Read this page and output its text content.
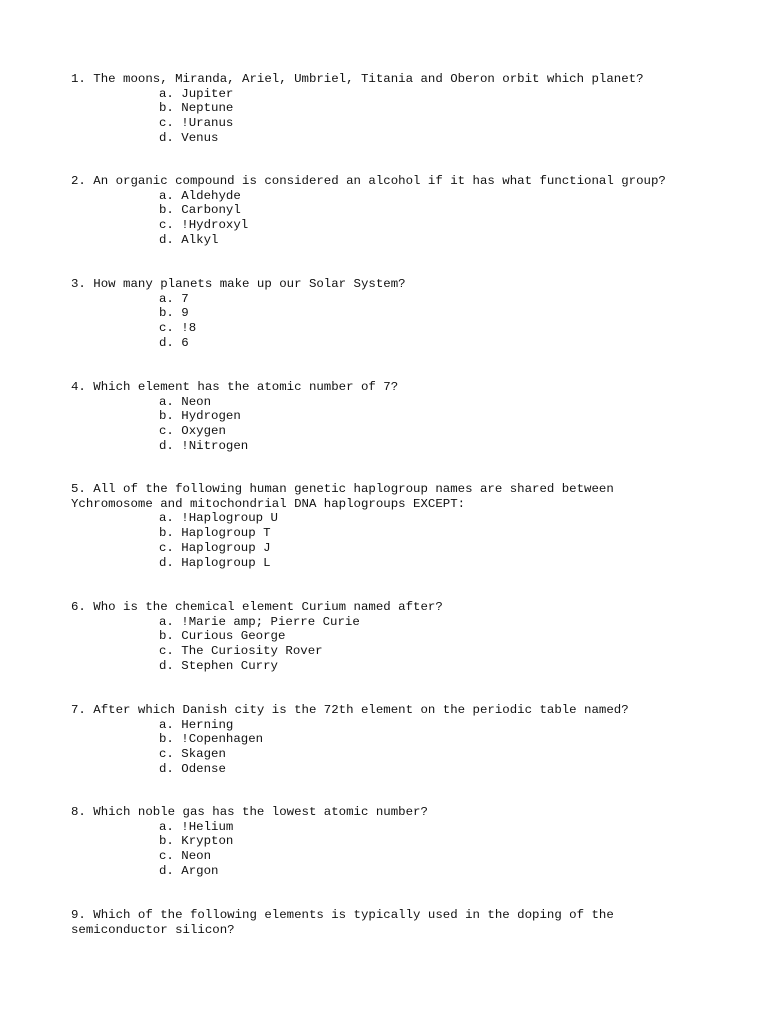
1. The moons, Miranda, Ariel, Umbriel, Titania and Oberon orbit which planet?

a. Jupiter
b. Neptune
c. !Uranus
d. Venus

2. An organic compound is considered an alcohol if it has what functional group?

a. Aldehyde
b. Carbonyl
c. !Hydroxyl
d. Alkyl

3. How many planets make up our Solar System?

a. 7
b. 9
c. !8
d. 6

4. Which element has the atomic number of 7?

a. Neon
b. Hydrogen
c. Oxygen
d. !Nitrogen

5. All of the following human genetic haplogroup names are shared between
Ychromosome and mitochondrial DNA haplogroups EXCEPT:

a. !Haplogroup U
b. Haplogroup T
c. Haplogroup J
d. Haplogroup L

6. Who is the chemical element Curium named after?

a. !Marie amp; Pierre Curie
b. Curious George
c. The Curiosity Rover
d. Stephen Curry

7. After which Danish city is the 72th element on the periodic table named?

a. Herning
b. !Copenhagen
c. Skagen
d. Odense

8. Which noble gas has the lowest atomic number?

a. !Helium
b. Krypton
c. Neon
d. Argon

9. Which of the following elements is typically used in the doping of the
semiconductor silicon?
